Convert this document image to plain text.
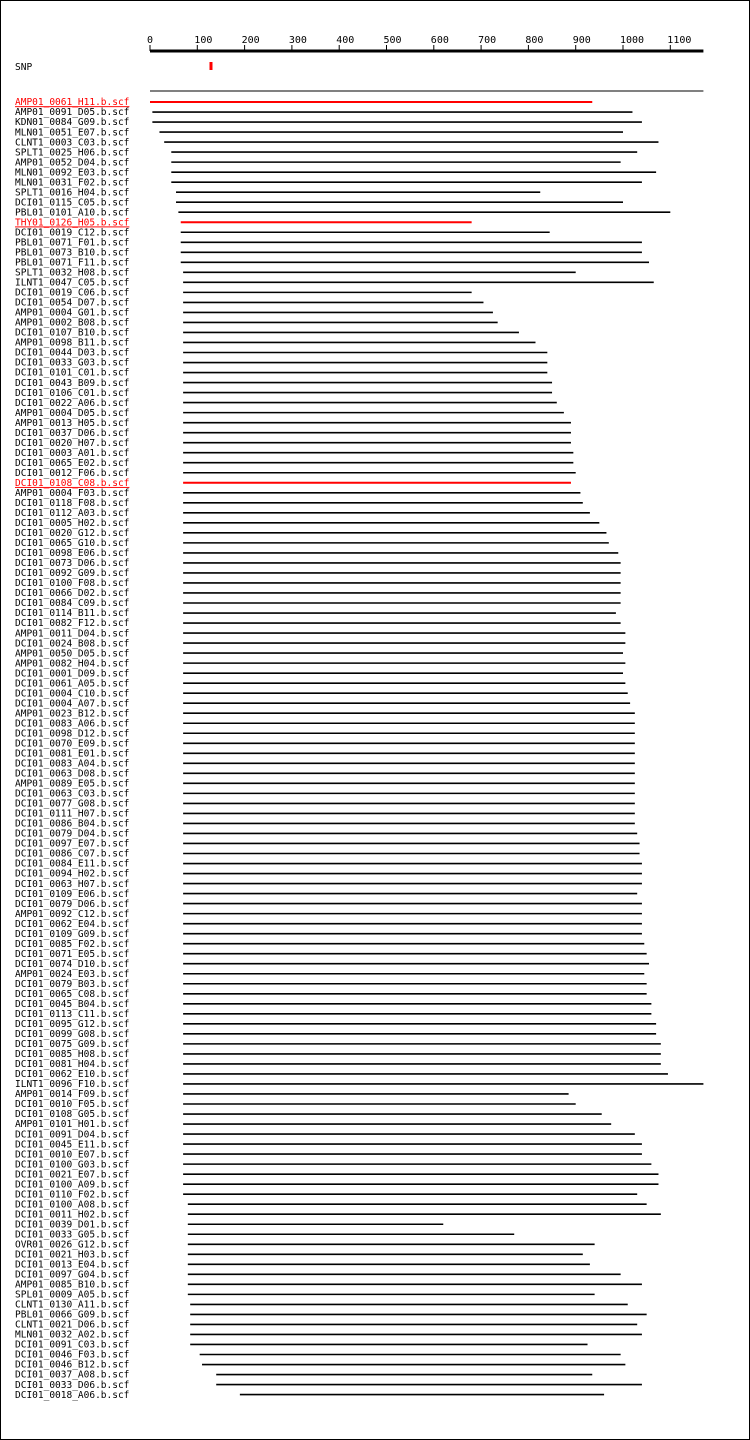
0	100	200	300	400	500	600	700	800	900	1000 1100
SNP
AMP01_0061_H11.b.scf
AMP01_0091_D05.b.scf
KDN01_0084_G09.b.scf
MLN01_0051_E07.b.scf
CLNT1_0003_C03.b.scf
SPLT1_0025_H06.b.scf
AMP01_0052_D04.b.scf
MLN01_0092_E03.b.scf
MLN01_0031_F02.b.scf
SPLT1_0016_H04.b.scf
DCI01_0115_C05.b.scf
PBL01_0101_A10.b.scf
THY01_0126_H05.b.scf
DCI01_0019_C12.b.scf
PBL01_0071_F01.b.scf
PBL01_0073_B10.b.scf
PBL01_0071_F11.b.scf
SPLT1_0032_H08.b.scf
ILNT1_0047_C05.b.scf
DCI01_0019_C06.b.scf
DCI01_0054_D07.b.scf
AMP01_0004_G01.b.scf
AMP01_0002_B08.b.scf
DCI01_0107_B10.b.scf
AMP01_0098_B11.b.scf
DCI01_0044_D03.b.scf
DCI01_0033_G03.b.scf
DCI01_0101_C01.b.scf
DCI01_0043_B09.b.scf
DCI01_0106_C01.b.scf
DCI01_0022_A06.b.scf
AMP01_0004_D05.b.scf
AMP01_0013_H05.b.scf
DCI01_0037_D06.b.scf
DCI01_0020_H07.b.scf
DCI01_0003_A01.b.scf
DCI01_0065_E02.b.scf
DCI01_0012_F06.b.scf
DCI01_0108_C08.b.scf
AMP01_0004_F03.b.scf
DCI01_0118_F08.b.scf
DCI01_0112_A03.b.scf
DCI01_0005_H02.b.scf
DCI01_0020_G12.b.scf
DCI01_0065_G10.b.scf
DCI01_0098_E06.b.scf
DCI01_0073_D06.b.scf
DCI01_0092_G09.b.scf
DCI01_0100_F08.b.scf
DCI01_0066_D02.b.scf
DCI01_0084_C09.b.scf
DCI01_0114_B11.b.scf
DCI01_0082_F12.b.scf
AMP01_0011_D04.b.scf
DCI01_0024_B08.b.scf
AMP01_0050_D05.b.scf
AMP01_0082_H04.b.scf
DCI01_0001_D09.b.scf
DCI01_0061_A05.b.scf
DCI01_0004_C10.b.scf
DCI01_0004_A07.b.scf
AMP01_0023_B12.b.scf
DCI01_0083_A06.b.scf
DCI01_0098_D12.b.scf
DCI01_0070_E09.b.scf
DCI01_0081_E01.b.scf
DCI01_0083_A04.b.scf
DCI01_0063_D08.b.scf
AMP01_0089_E05.b.scf
DCI01_0063_C03.b.scf
DCI01_0077_G08.b.scf
DCI01_0111_H07.b.scf
DCI01_0086_B04.b.scf
DCI01_0079_D04.b.scf
DCI01_0097_E07.b.scf
DCI01_0086_C07.b.scf
DCI01_0084_E11.b.scf
DCI01_0094_H02.b.scf
DCI01_0063_H07.b.scf
DCI01_0109_E06.b.scf
DCI01_0079_D06.b.scf
AMP01_0092_C12.b.scf
DCI01_0062_E04.b.scf
DCI01_0109_G09.b.scf
DCI01_0085_F02.b.scf
DCI01_0071_E05.b.scf
DCI01_0074_D10.b.scf
AMP01_0024_E03.b.scf
DCI01_0079_B03.b.scf
DCI01_0065_C08.b.scf
DCI01_0045_B04.b.scf
DCI01_0113_C11.b.scf
DCI01_0095_G12.b.scf
DCI01_0099_G08.b.scf
DCI01_0075_G09.b.scf
DCI01_0085_H08.b.scf
DCI01_0081_H04.b.scf
DCI01_0062_E10.b.scf
ILNT1_0096_F10.b.scf
AMP01_0014_F09.b.scf
DCI01_0010_F05.b.scf
DCI01_0108_G05.b.scf
AMP01_0101_H01.b.scf
DCI01_0091_D04.b.scf
DCI01_0045_E11.b.scf
DCI01_0010_E07.b.scf
DCI01_0100_G03.b.scf
DCI01_0021_E07.b.scf
DCI01_0100_A09.b.scf
DCI01_0110_F02.b.scf
DCI01_0100_A08.b.scf
DCI01_0011_H02.b.scf
DCI01_0039_D01.b.scf
DCI01_0033_G05.b.scf
OVR01_0026_G12.b.scf
DCI01_0021_H03.b.scf
DCI01_0013_E04.b.scf
DCI01_0097_G04.b.scf
AMP01_0085_B10.b.scf
SPL01_0009_A05.b.scf
CLNT1_0130_A11.b.scf
PBL01_0066_G09.b.scf
CLNT1_0021_D06.b.scf
MLN01_0032_A02.b.scf
DCI01_0091_C03.b.scf
DCI01_0046_F03.b.scf
DCI01_0046_B12.b.scf
DCI01_0037_A08.b.scf
DCI01_0033_D06.b.scf
DCI01_0018_A06.b.scf
